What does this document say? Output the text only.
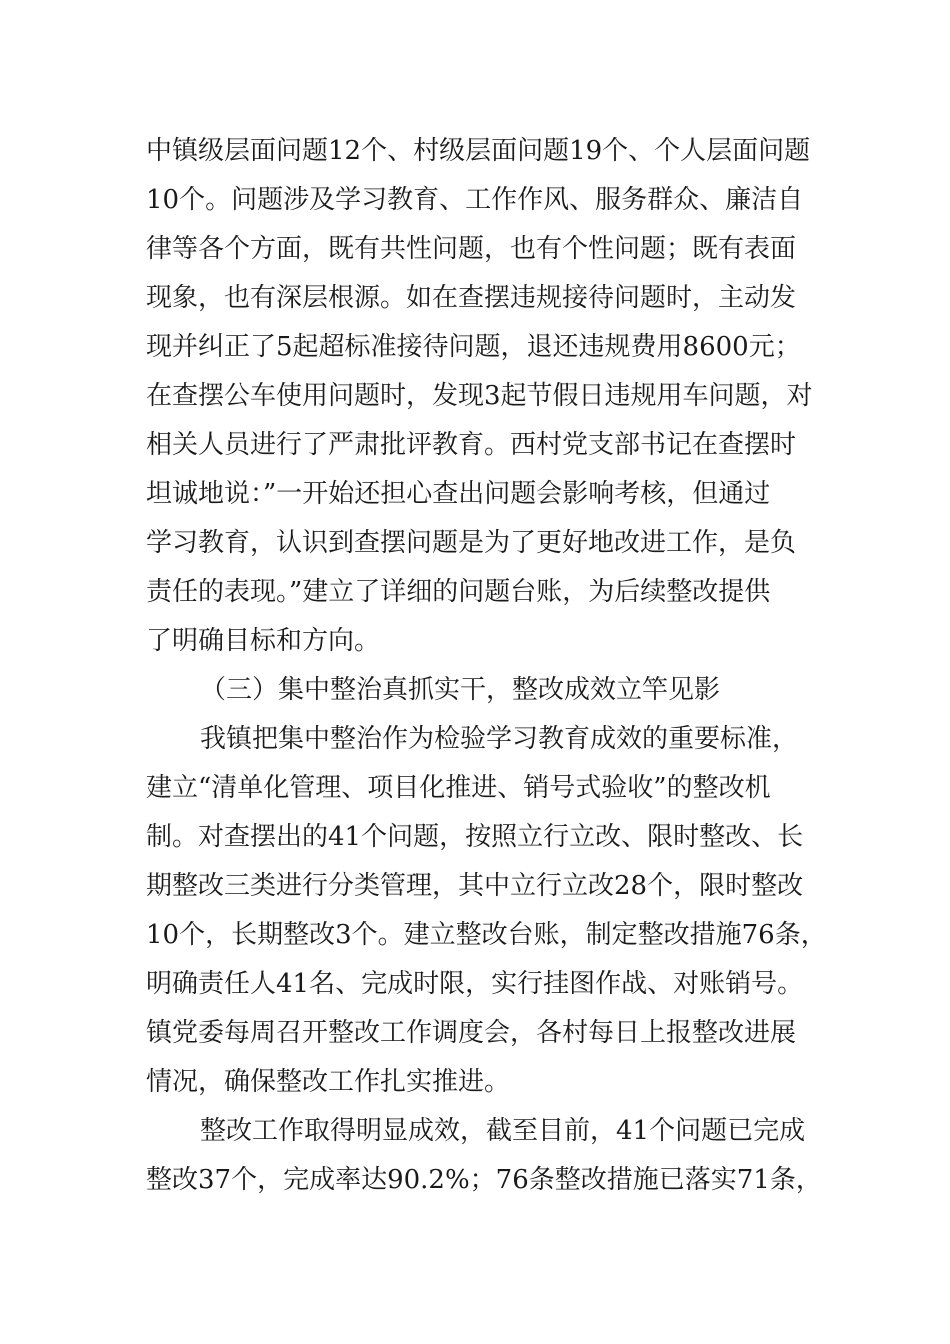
中镇级层面问题12个、村级层面问题19个、个人层面问题

10个。问题涉及学习教育、工作作风、服务群众、廉洁自

律等各个方面，既有共性问题，也有个性问题；既有表面

现象，也有深层根源。如在查摆违规接待问题时，主动发

现并纠正了5起超标准接待问题，退还违规费用8600元；

在查摆公车使用问题时，发现3起节假日违规用车问题，对

相关人员进行了严肃批评教育。西村党支部书记在查摆时

坦诚地说：”一开始还担心查出问题会影响考核，但通过

学习教育，认识到查摆问题是为了更好地改进工作，是负

责任的表现。”建立了详细的问题台账，为后续整改提供

了明确目标和方向。

（三）集中整治真抓实干，整改成效立竿见影

我镇把集中整治作为检验学习教育成效的重要标准，

建立“清单化管理、项目化推进、销号式验收”的整改机

制。对查摆出的41个问题，按照立行立改、限时整改、长

期整改三类进行分类管理，其中立行立改28个，限时整改

10个，长期整改3个。建立整改台账，制定整改措施76条，

明确责任人41名、完成时限，实行挂图作战、对账销号。

镇党委每周召开整改工作调度会，各村每日上报整改进展

情况，确保整改工作扎实推进。

整改工作取得明显成效，截至目前，41个问题已完成

整改37个，完成率达90.2%；76条整改措施已落实71条，
